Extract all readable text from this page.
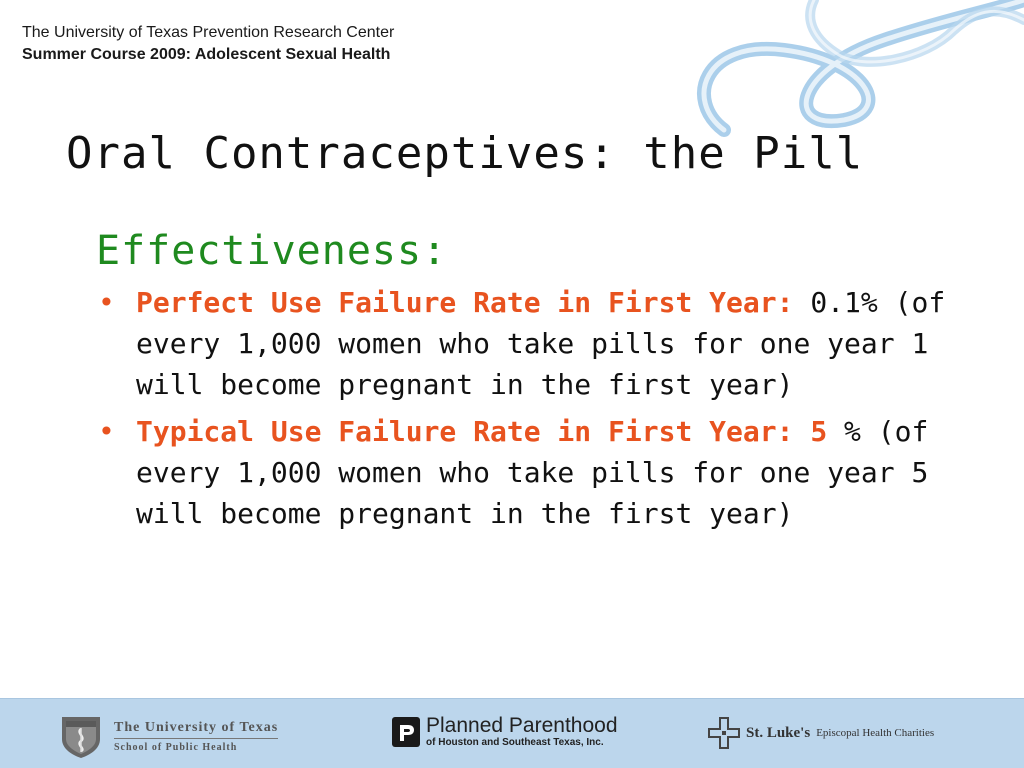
The University of Texas Prevention Research Center
Summer Course 2009: Adolescent Sexual Health
Oral Contraceptives: the Pill
Effectiveness:
• Perfect Use Failure Rate in First Year: 0.1% (of every 1,000 women who take pills for one year 1 will become pregnant in the first year)
• Typical Use Failure Rate in First Year: 5 % (of every 1,000 women who take pills for one year 5 will become pregnant in the first year)
The University of Texas
School of Public Health
Planned Parenthood
of Houston and Southeast Texas, Inc.
St. Luke's Episcopal Health Charities
